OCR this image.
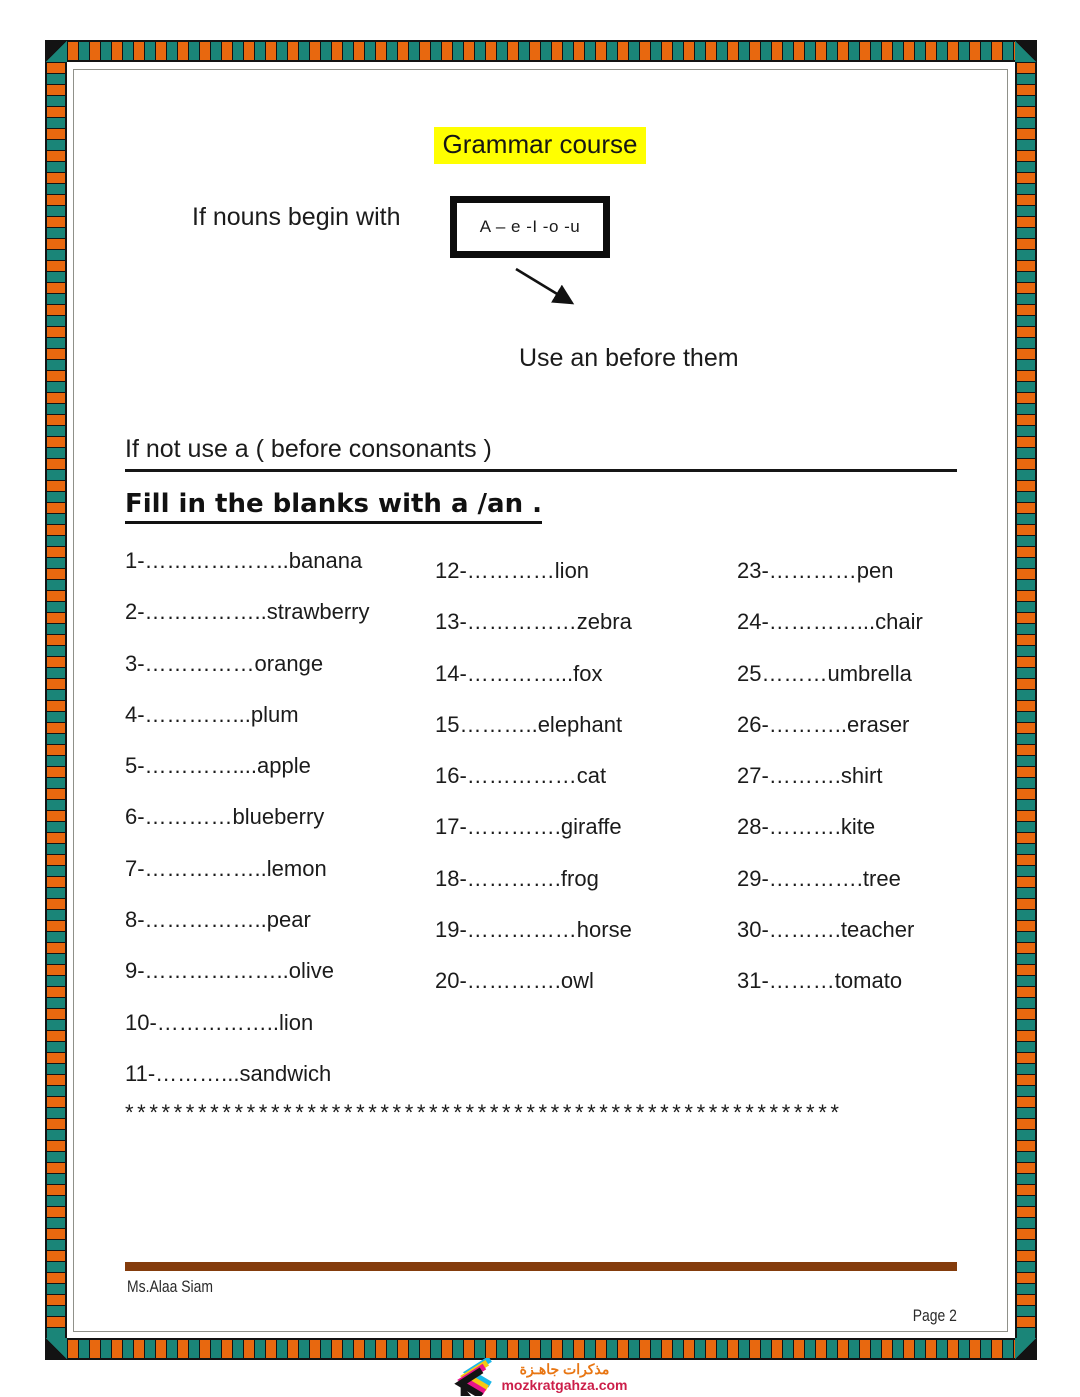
Grammar course
If nouns begin with	A – e -I -o -u
Use an before them
If not use a ( before consonants )
Fill in the blanks with a /an .
1-………………..banana
2-……………..strawberry
3-……………orange
4-…………...plum
5-…………....apple
6-…………blueberry
7-……………..lemon
8-……………..pear
9-………………..olive
10-……………..lion
11-………...sandwich
12-…………lion
13-……………zebra
14-…………...fox
15………..elephant
16-……………cat
17-………….giraffe
18-………….frog
19-……………horse
20-………….owl
23-…………pen
24-…………...chair
25………umbrella
26-………..eraser
27-……….shirt
28-……….kite
29-………….tree
30-……….teacher
31-………tomato
***********************************************************
Ms.Alaa Siam
Page 2
مذكرات جاهـزة
mozkratgahza.com
